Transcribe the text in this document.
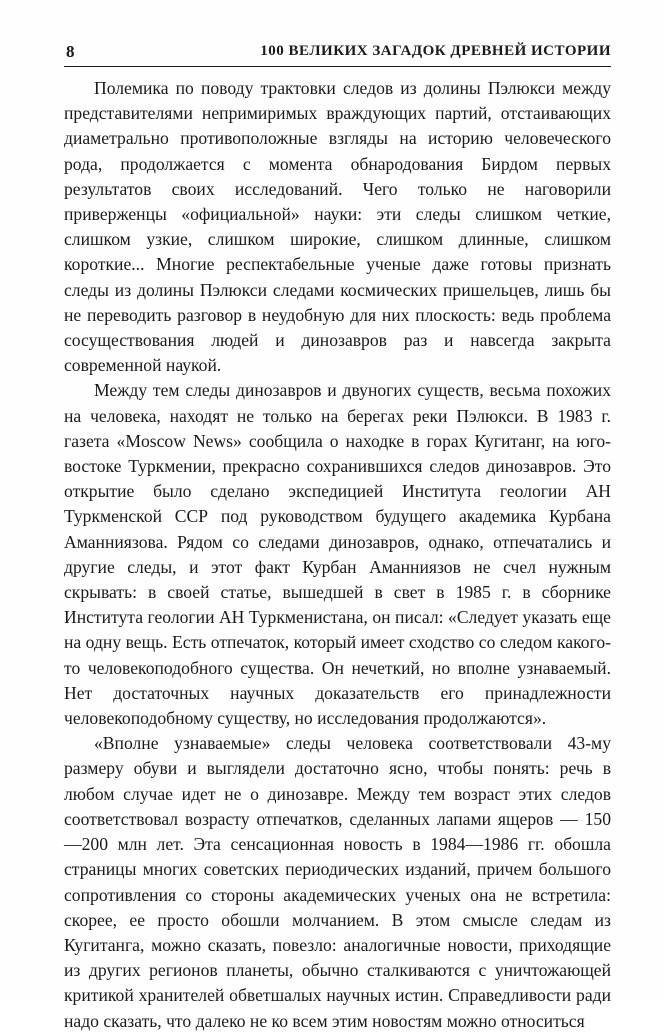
8	100 ВЕЛИКИХ ЗАГАДОК ДРЕВНЕЙ ИСТОРИИ

Полемика по поводу трактовки следов из долины Пэлюкси между представителями непримиримых враждующих партий, отстаивающих диаметрально противоположные взгляды на историю человеческого рода, продолжается с момента обнародования Бирдом первых результатов своих исследований. Чего только не наговорили приверженцы «официальной» науки: эти следы слишком четкие, слишком узкие, слишком широкие, слишком длинные, слишком короткие... Многие респектабельные ученые даже готовы признать следы из долины Пэлюкси следами космических пришельцев, лишь бы не переводить разговор в неудобную для них плоскость: ведь проблема сосуществования людей и динозавров раз и навсегда закрыта современной наукой.

Между тем следы динозавров и двуногих существ, весьма похожих на человека, находят не только на берегах реки Пэлюкси. В 1983 г. газета «Moscow News» сообщила о находке в горах Кугитанг, на юго-востоке Туркмении, прекрасно сохранившихся следов динозавров. Это открытие было сделано экспедицией Института геологии АН Туркменской ССР под руководством будущего академика Курбана Аманниязова. Рядом со следами динозавров, однако, отпечатались и другие следы, и этот факт Курбан Аманниязов не счел нужным скрывать: в своей статье, вышедшей в свет в 1985 г. в сборнике Института геологии АН Туркменистана, он писал: «Следует указать еще на одну вещь. Есть отпечаток, который имеет сходство со следом какого-то человекоподобного существа. Он нечеткий, но вполне узнаваемый. Нет достаточных научных доказательств его принадлежности человекоподобному существу, но исследования продолжаются».

«Вполне узнаваемые» следы человека соответствовали 43-му размеру обуви и выглядели достаточно ясно, чтобы понять: речь в любом случае идет не о динозавре. Между тем возраст этих следов соответствовал возрасту отпечатков, сделанных лапами ящеров — 150—200 млн лет. Эта сенсационная новость в 1984—1986 гг. обошла страницы многих советских периодических изданий, причем большого сопротивления со стороны академических ученых она не встретила: скорее, ее просто обошли молчанием. В этом смысле следам из Кугитанга, можно сказать, повезло: аналогичные новости, приходящие из других регионов планеты, обычно сталкиваются с уничтожающей критикой хранителей обветшалых научных истин. Справедливости ради надо сказать, что далеко не ко всем этим новостям можно относиться
